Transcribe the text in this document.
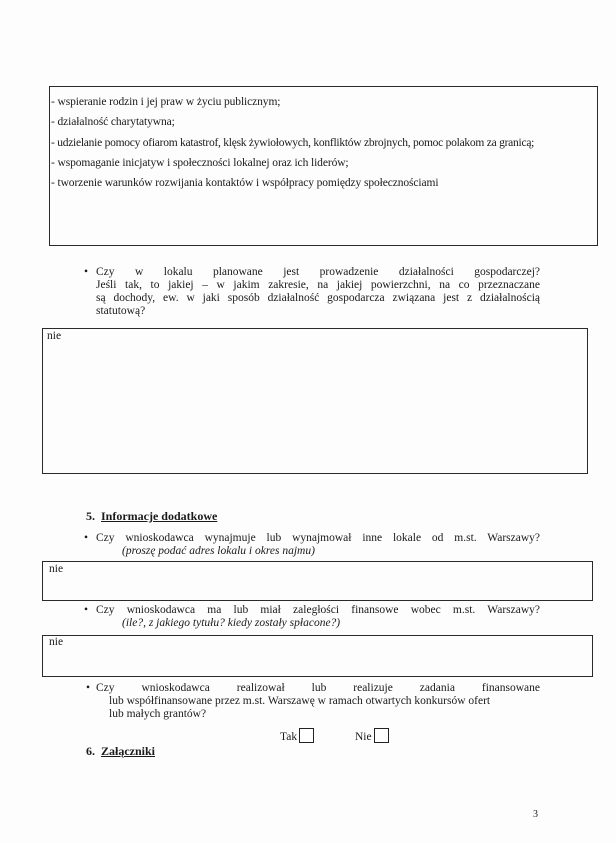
- wspieranie rodzin i jej praw w życiu publicznym;
- działalność charytatywna;
- udzielanie pomocy ofiarom katastrof, klęsk żywiołowych, konfliktów zbrojnych, pomoc polakom za granicą;
- wspomaganie inicjatyw i społeczności lokalnej oraz ich liderów;
- tworzenie warunków rozwijania kontaktów i współpracy pomiędzy społecznościami
• Czy w lokalu planowane jest prowadzenie działalności gospodarczej?
Jeśli tak, to jakiej – w jakim zakresie, na jakiej powierzchni, na co przeznaczane
są dochody, ew. w jaki sposób działalność gospodarcza związana jest z działalnością
statutową?
nie
5. Informacje dodatkowe
• Czy wnioskodawca wynajmuje lub wynajmował inne lokale od m.st. Warszawy?
(proszę podać adres lokalu i okres najmu)
nie
• Czy wnioskodawca ma lub miał zaległości finansowe wobec m.st. Warszawy?
(ile?, z jakiego tytułu? kiedy zostały spłacone?)
nie
• Czy wnioskodawca realizował lub realizuje zadania finansowane
lub współfinansowane przez m.st. Warszawę w ramach otwartych konkursów ofert
lub małych grantów?
Tak	Nie
6. Załączniki
3
